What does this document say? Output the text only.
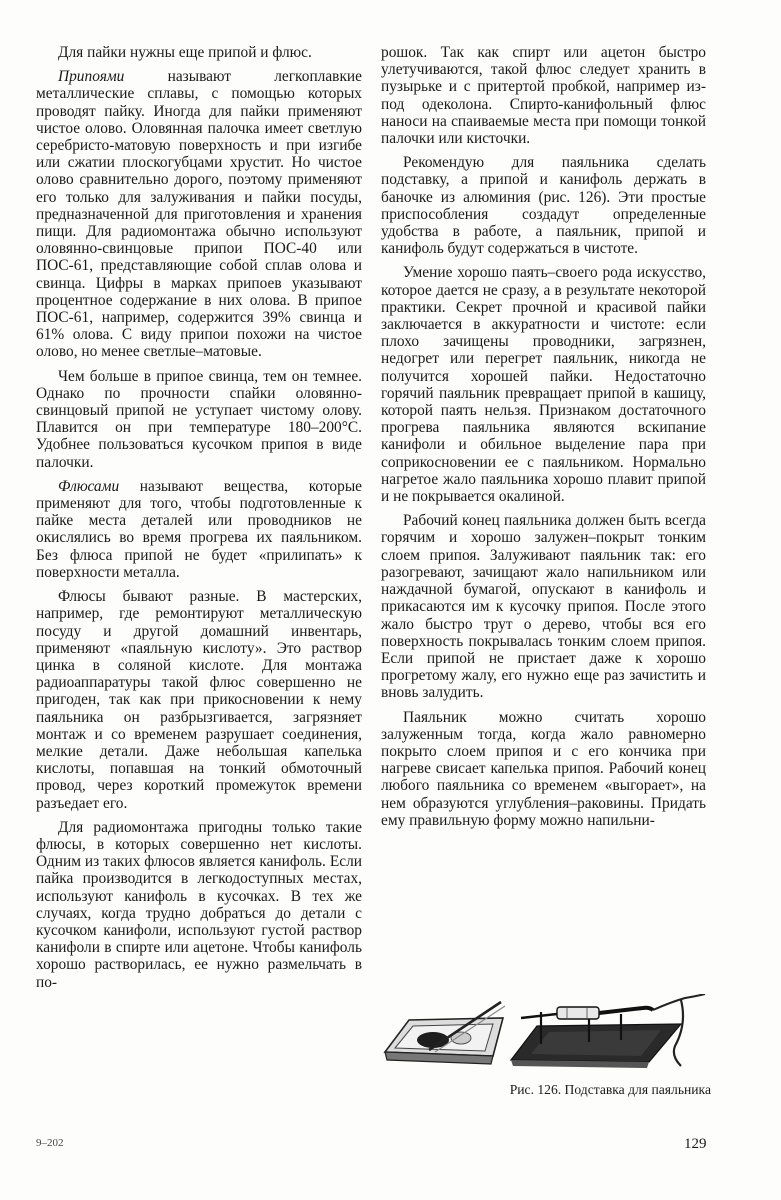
Для пайки нужны еще припой и флюс.

Припоями называют легкоплавкие металлические сплавы, с помощью которых проводят пайку. Иногда для пайки применяют чистое олово. Оловянная палочка имеет светлую серебристо-матовую поверхность и при изгибе или сжатии плоскогубцами хрустит. Но чистое олово сравнительно дорого, поэтому применяют его только для залуживания и пайки посуды, предназначенной для приготовления и хранения пищи. Для радиомонтажа обычно используют оловянно-свинцовые припои ПОС-40 или ПОС-61, представляющие собой сплав олова и свинца. Цифры в марках припоев указывают процентное содержание в них олова. В припое ПОС-61, например, содержится 39% свинца и 61% олова. С виду припои похожи на чистое олово, но менее светлые–матовые.

Чем больше в припое свинца, тем он темнее. Однако по прочности спайки оловянно-свинцовый припой не уступает чистому олову. Плавится он при температуре 180–200°С. Удобнее пользоваться кусочком припоя в виде палочки.

Флюсами называют вещества, которые применяют для того, чтобы подготовленные к пайке места деталей или проводников не окислялись во время прогрева их паяльником. Без флюса припой не будет «прилипать» к поверхности металла.

Флюсы бывают разные. В мастерских, например, где ремонтируют металлическую посуду и другой домашний инвентарь, применяют «паяльную кислоту». Это раствор цинка в соляной кислоте. Для монтажа радиоаппаратуры такой флюс совершенно не пригоден, так как при прикосновении к нему паяльника он разбрызгивается, загрязняет монтаж и со временем разрушает соединения, мелкие детали. Даже небольшая капелька кислоты, попавшая на тонкий обмоточный провод, через короткий промежуток времени разъедает его.

Для радиомонтажа пригодны только такие флюсы, в которых совершенно нет кислоты. Одним из таких флюсов является канифоль. Если пайка производится в легкодоступных местах, используют канифоль в кусочках. В тех же случаях, когда трудно добраться до детали с кусочком канифоли, используют густой раствор канифоли в спирте или ацетоне. Чтобы канифоль хорошо растворилась, ее нужно размельчать в по-

рошок. Так как спирт или ацетон быстро улетучиваются, такой флюс следует хранить в пузырьке и с притертой пробкой, например из-под одеколона. Спирто-канифольный флюс наноси на спаиваемые места при помощи тонкой палочки или кисточки.

Рекомендую для паяльника сделать подставку, а припой и канифоль держать в баночке из алюминия (рис. 126). Эти простые приспособления создадут определенные удобства в работе, а паяльник, припой и канифоль будут содержаться в чистоте.

Умение хорошо паять–своего рода искусство, которое дается не сразу, а в результате некоторой практики. Секрет прочной и красивой пайки заключается в аккуратности и чистоте: если плохо зачищены проводники, загрязнен, недогрет или перегрет паяльник, никогда не получится хорошей пайки. Недостаточно горячий паяльник превращает припой в кашицу, которой паять нельзя. Признаком достаточного прогрева паяльника являются вскипание канифоли и обильное выделение пара при соприкосновении ее с паяльником. Нормально нагретое жало паяльника хорошо плавит припой и не покрывается окалиной.

Рабочий конец паяльника должен быть всегда горячим и хорошо залужен–покрыт тонким слоем припоя. Залуживают паяльник так: его разогревают, зачищают жало напильником или наждачной бумагой, опускают в канифоль и прикасаются им к кусочку припоя. После этого жало быстро трут о дерево, чтобы вся его поверхность покрывалась тонким слоем припоя. Если припой не пристает даже к хорошо прогретому жалу, его нужно еще раз зачистить и вновь залудить.

Паяльник можно считать хорошо залуженным тогда, когда жало равномерно покрыто слоем припоя и с его кончика при нагреве свисает капелька припоя. Рабочий конец любого паяльника со временем «выгорает», на нем образуются углубления–раковины. Придать ему правильную форму можно напильни-

Рис. 126. Подставка для паяльника
9–202	129
